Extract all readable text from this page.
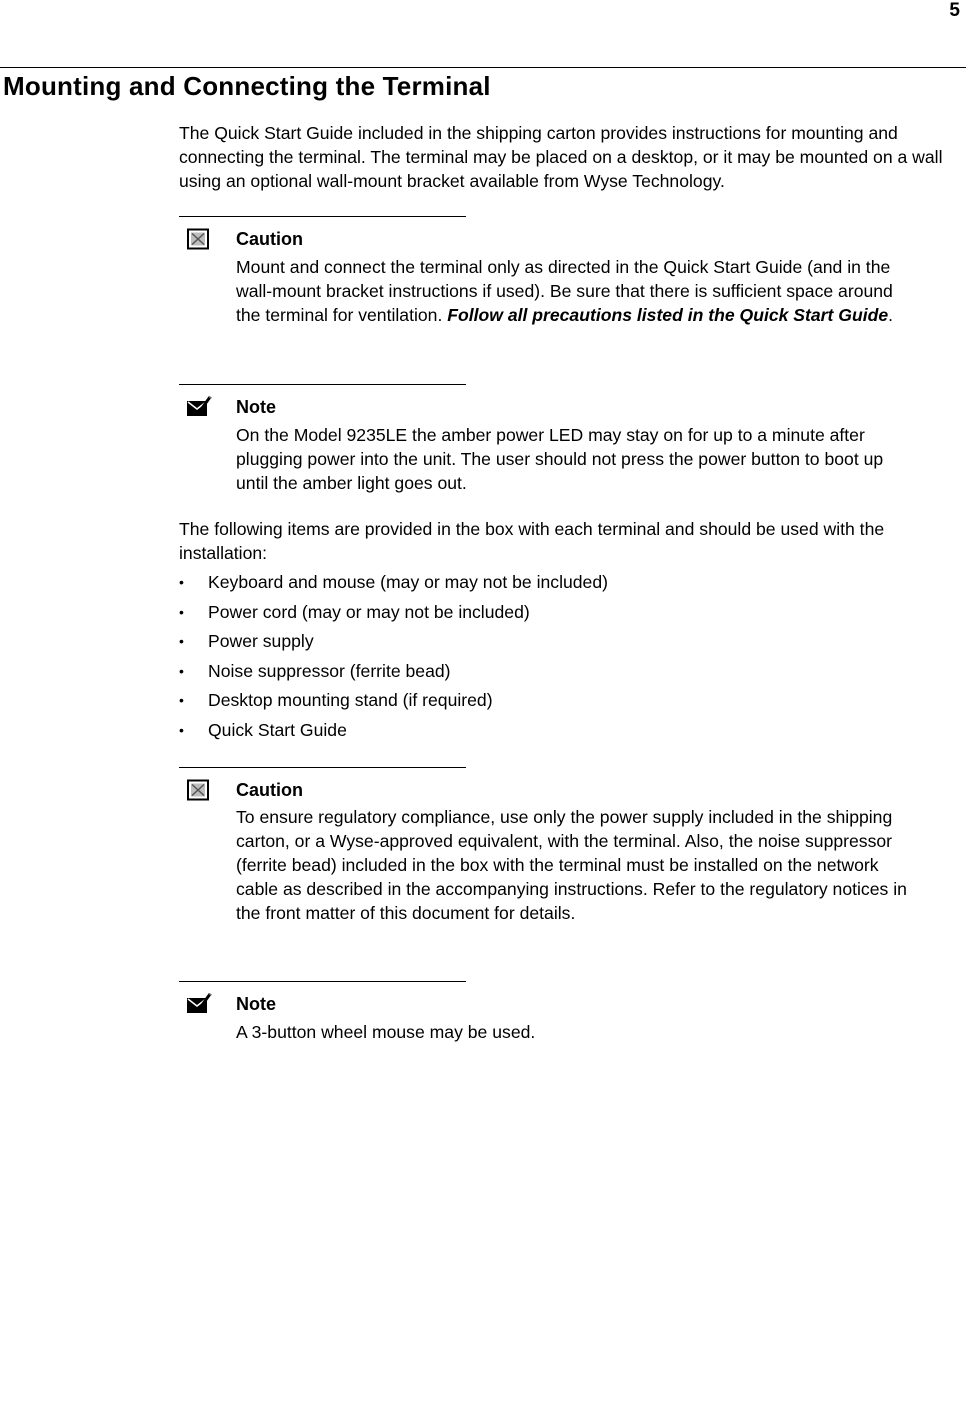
5
Mounting and Connecting the Terminal

The Quick Start Guide included in the shipping carton provides instructions for mounting and connecting the terminal. The terminal may be placed on a desktop, or it may be mounted on a wall using an optional wall-mount bracket available from Wyse Technology.

Caution

Mount and connect the terminal only as directed in the Quick Start Guide (and in the wall-mount bracket instructions if used). Be sure that there is sufficient space around the terminal for ventilation. Follow all precautions listed in the Quick Start Guide.

Note

On the Model 9235LE the amber power LED may stay on for up to a minute after plugging power into the unit. The user should not press the power button to boot up until the amber light goes out.

The following items are provided in the box with each terminal and should be used with the installation:

• Keyboard and mouse (may or may not be included)
• Power cord (may or may not be included)
• Power supply
• Noise suppressor (ferrite bead)
• Desktop mounting stand (if required)
• Quick Start Guide
Caution

To ensure regulatory compliance, use only the power supply included in the shipping carton, or a Wyse-approved equivalent, with the terminal. Also, the noise suppressor (ferrite bead) included in the box with the terminal must be installed on the network cable as described in the accompanying instructions. Refer to the regulatory notices in the front matter of this document for details.

Note

A 3-button wheel mouse may be used.
